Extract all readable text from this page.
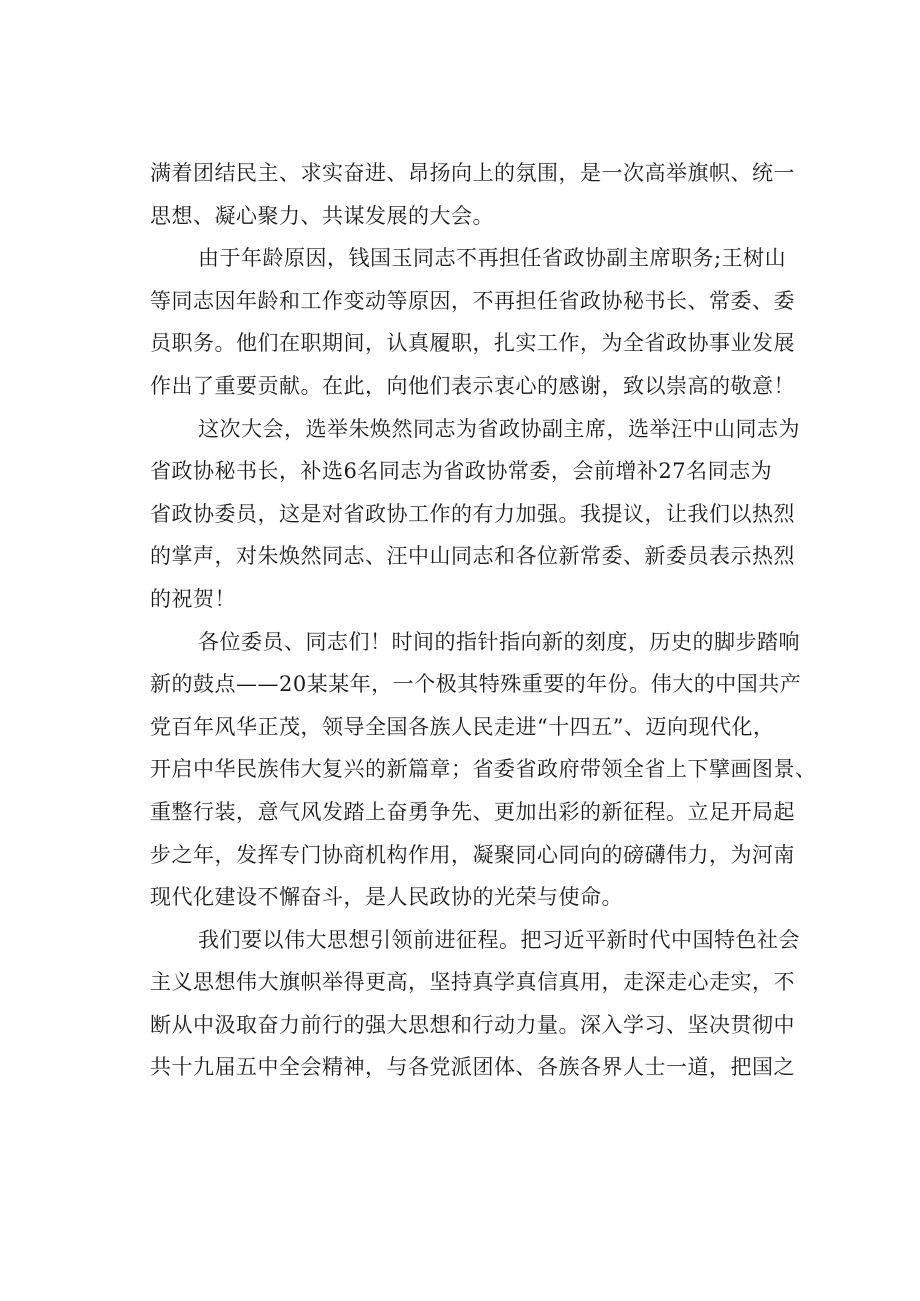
满着团结民主、求实奋进、昂扬向上的氛围，是一次高举旗帜、统一
思想、凝心聚力、共谋发展的大会。
由于年龄原因，钱国玉同志不再担任省政协副主席职务;王树山
等同志因年龄和工作变动等原因，不再担任省政协秘书长、常委、委
员职务。他们在职期间，认真履职，扎实工作，为全省政协事业发展
作出了重要贡献。在此，向他们表示衷心的感谢，致以崇高的敬意！
这次大会，选举朱焕然同志为省政协副主席，选举汪中山同志为
省政协秘书长，补选6名同志为省政协常委，会前增补27名同志为
省政协委员，这是对省政协工作的有力加强。我提议，让我们以热烈
的掌声，对朱焕然同志、汪中山同志和各位新常委、新委员表示热烈
的祝贺！
各位委员、同志们！时间的指针指向新的刻度，历史的脚步踏响
新的鼓点——20某某年，一个极其特殊重要的年份。伟大的中国共产
党百年风华正茂，领导全国各族人民走进“十四五”、迈向现代化，
开启中华民族伟大复兴的新篇章；省委省政府带领全省上下擘画图景、
重整行装，意气风发踏上奋勇争先、更加出彩的新征程。立足开局起
步之年，发挥专门协商机构作用，凝聚同心同向的磅礴伟力，为河南
现代化建设不懈奋斗，是人民政协的光荣与使命。
我们要以伟大思想引领前进征程。把习近平新时代中国特色社会
主义思想伟大旗帜举得更高，坚持真学真信真用，走深走心走实，不
断从中汲取奋力前行的强大思想和行动力量。深入学习、坚决贯彻中
共十九届五中全会精神，与各党派团体、各族各界人士一道，把国之
